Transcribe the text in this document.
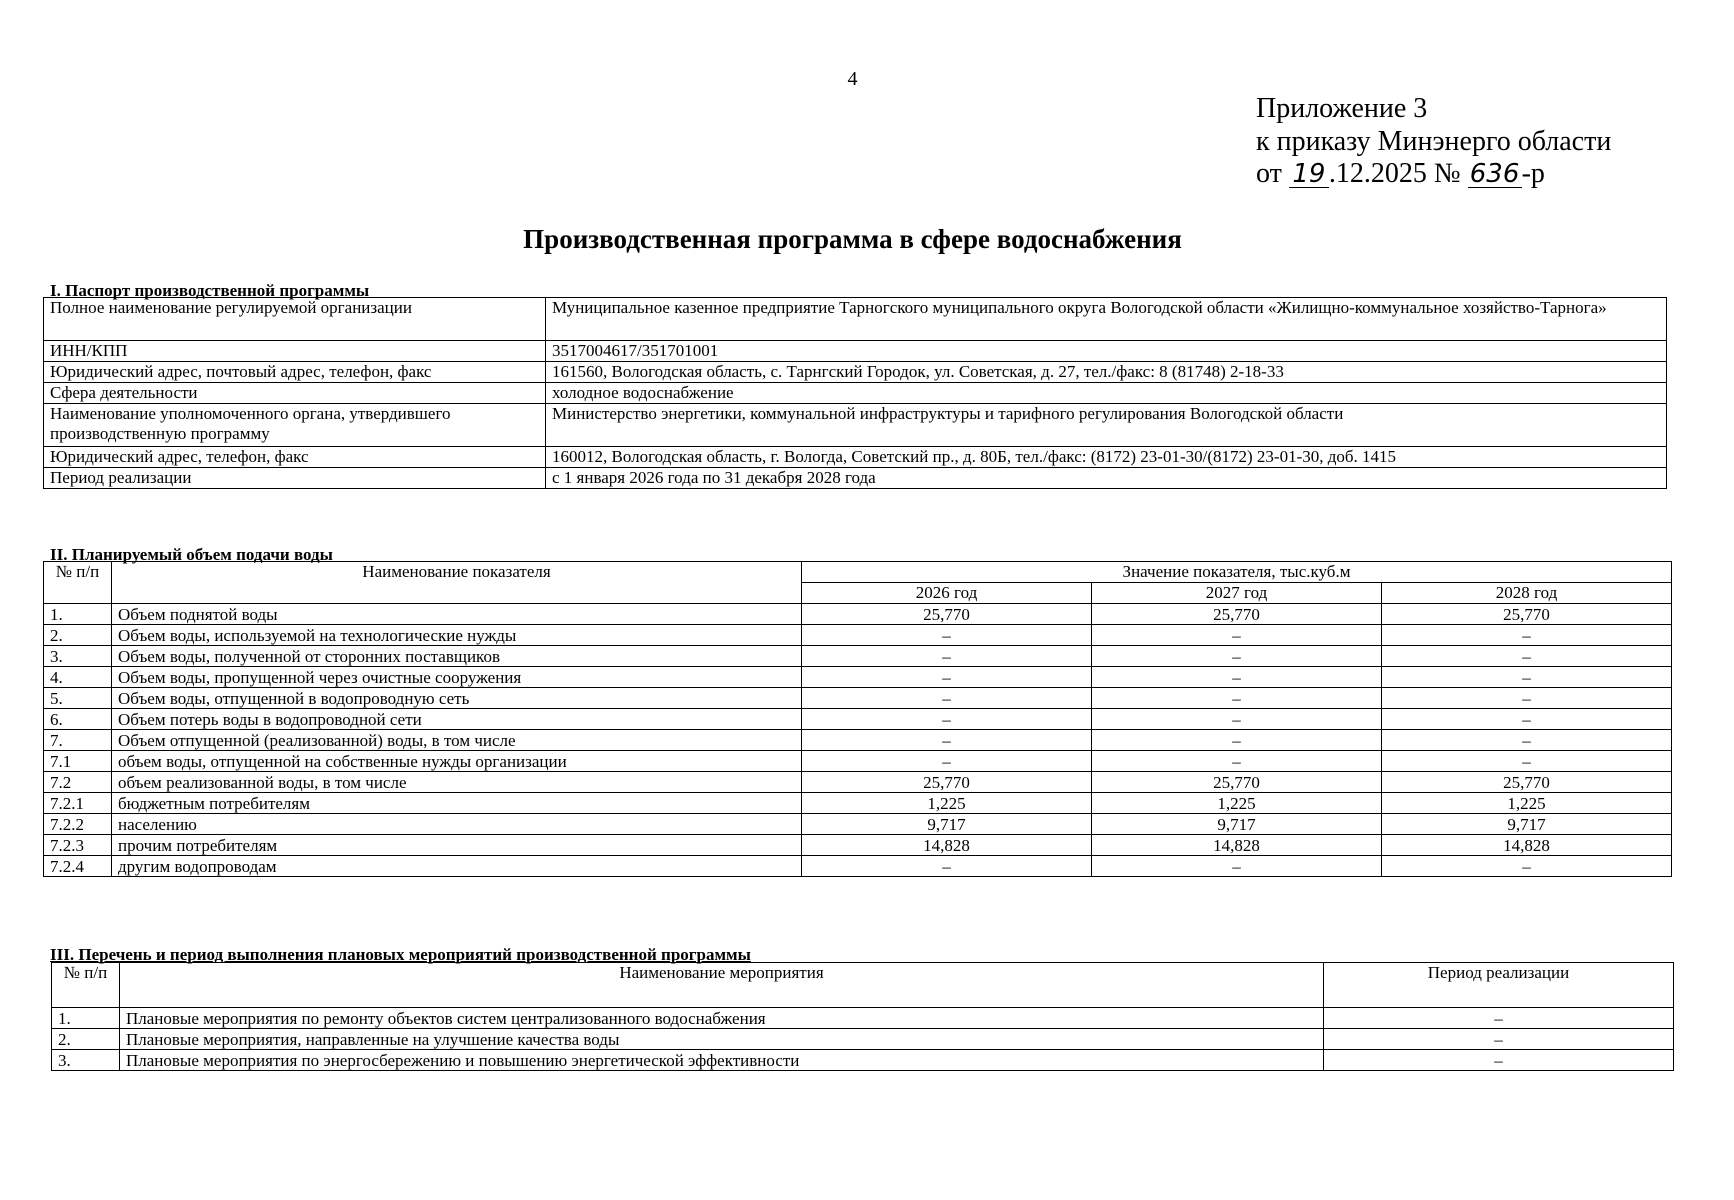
4
Приложение 3
к приказу Минэнерго области
от 19 .12.2025 № 636-р
Производственная программа в сфере водоснабжения
I. Паспорт производственной программы
Полное наименование регулируемой организации	Муниципальное казенное предприятие Тарногского муниципального округа Вологодской области «Жилищно-коммунальное хозяйство-Тарнога»
ИНН/КПП	3517004617/351701001
Юридический адрес, почтовый адрес, телефон, факс	161560, Вологодская область, с. Тарнгский Городок, ул. Советская, д. 27, тел./факс: 8 (81748) 2-18-33
Сфера деятельности	холодное водоснабжение
Наименование уполномоченного органа, утвердившего производственную программу	Министерство энергетики, коммунальной инфраструктуры и тарифного регулирования Вологодской области
Юридический адрес, телефон, факс	160012, Вологодская область, г. Вологда, Советский пр., д. 80Б, тел./факс: (8172) 23-01-30/(8172) 23-01-30, доб. 1415
Период реализации	с 1 января 2026 года по 31 декабря 2028 года
II. Планируемый объем подачи воды
№ п/п	Наименование показателя	Значение показателя, тыс.куб.м		
		2026 год	2027 год	2028 год
1.	Объем поднятой воды	25,770	25,770	25,770
2.	Объем воды, используемой на технологические нужды	–	–	–
3.	Объем воды, полученной от сторонних поставщиков	–	–	–
4.	Объем воды, пропущенной через очистные сооружения	–	–	–
5.	Объем воды, отпущенной в водопроводную сеть	–	–	–
6.	Объем потерь воды в водопроводной сети	–	–	–
7.	Объем отпущенной (реализованной) воды, в том числе	–	–	–
7.1	объем воды, отпущенной на собственные нужды организации	–	–	–
7.2	объем реализованной воды, в том числе	25,770	25,770	25,770
7.2.1	бюджетным потребителям	1,225	1,225	1,225
7.2.2	населению	9,717	9,717	9,717
7.2.3	прочим потребителям	14,828	14,828	14,828
7.2.4	другим водопроводам	–	–	–
III. Перечень и период выполнения плановых мероприятий производственной программы
№ п/п	Наименование мероприятия	Период реализации
1.	Плановые мероприятия по ремонту объектов систем централизованного водоснабжения	–
2.	Плановые мероприятия, направленные на улучшение качества воды	–
3.	Плановые мероприятия по энергосбережению и повышению энергетической эффективности	–
